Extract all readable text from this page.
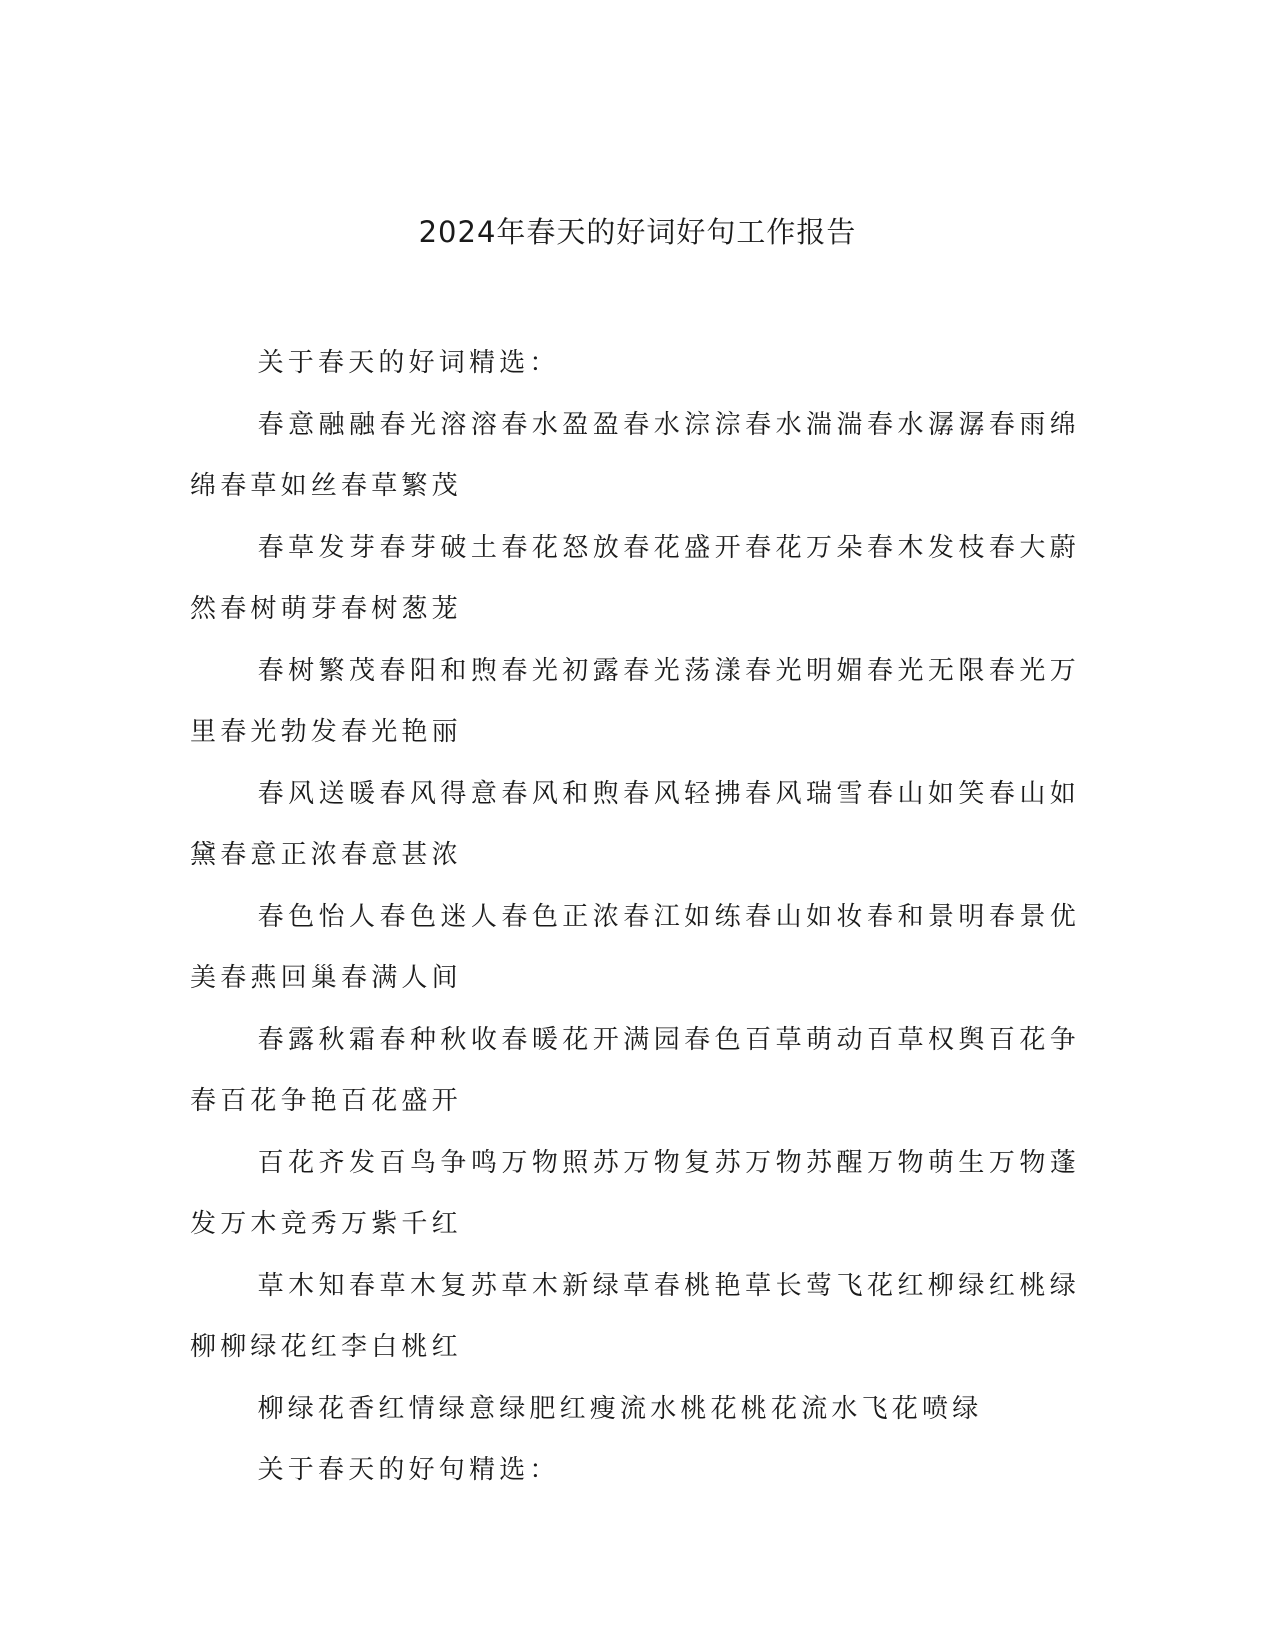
2024年春天的好词好句工作报告

关于春天的好词精选：

春意融融春光溶溶春水盈盈春水淙淙春水湍湍春水潺潺春雨绵绵春草如丝春草繁茂

春草发芽春芽破土春花怒放春花盛开春花万朵春木发枝春大蔚然春树萌芽春树葱茏

春树繁茂春阳和煦春光初露春光荡漾春光明媚春光无限春光万里春光勃发春光艳丽

春风送暖春风得意春风和煦春风轻拂春风瑞雪春山如笑春山如黛春意正浓春意甚浓

春色怡人春色迷人春色正浓春江如练春山如妆春和景明春景优美春燕回巢春满人间

春露秋霜春种秋收春暖花开满园春色百草萌动百草权舆百花争春百花争艳百花盛开

百花齐发百鸟争鸣万物照苏万物复苏万物苏醒万物萌生万物蓬发万木竞秀万紫千红

草木知春草木复苏草木新绿草春桃艳草长莺飞花红柳绿红桃绿柳柳绿花红李白桃红

柳绿花香红情绿意绿肥红瘦流水桃花桃花流水飞花喷绿

关于春天的好句精选：
